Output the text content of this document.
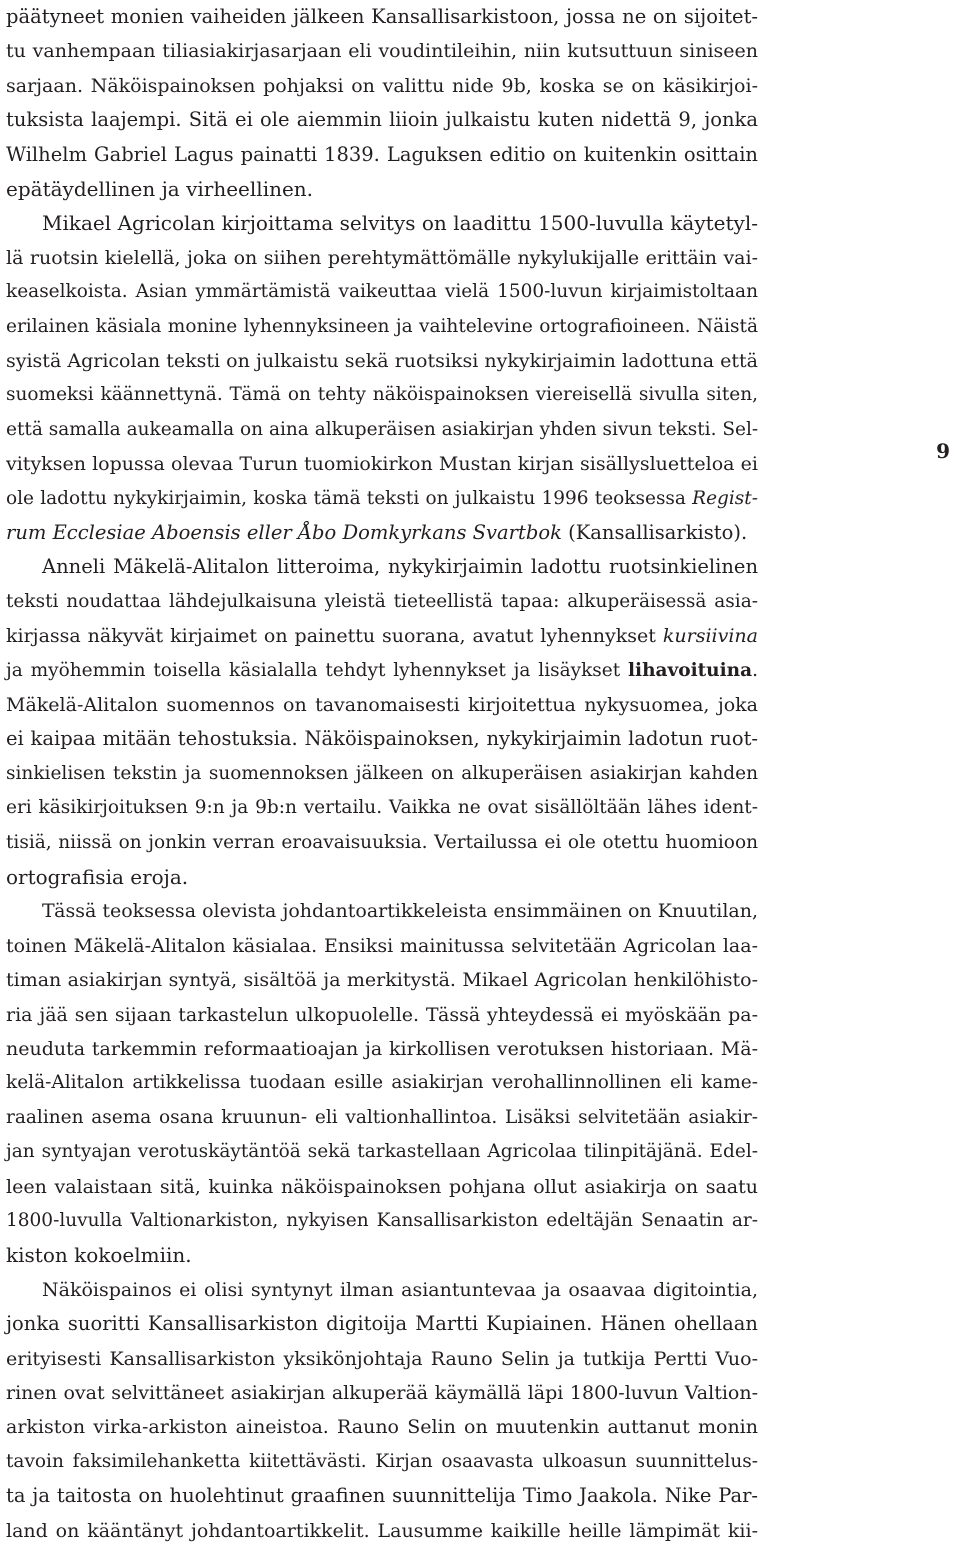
päätyneet monien vaiheiden jälkeen Kansallisarkistoon, jossa ne on sijoitet-
tu vanhempaan tiliasiakirjasarjaan eli voudintileihin, niin kutsuttuun siniseen
sarjaan. Näköispainoksen pohjaksi on valittu nide 9b, koska se on käsikirjoi-
tuksista laajempi. Sitä ei ole aiemmin liioin julkaistu kuten nidettä 9, jonka
Wilhelm Gabriel Lagus painatti 1839. Laguksen editio on kuitenkin osittain
epätäydellinen ja virheellinen.
Mikael Agricolan kirjoittama selvitys on laadittu 1500-luvulla käytetyl-
lä ruotsin kielellä, joka on siihen perehtymättömälle nykylukijalle erittäin vai-
keaselkoista. Asian ymmärtämistä vaikeuttaa vielä 1500-luvun kirjaimistoltaan
erilainen käsiala monine lyhennyksineen ja vaihtelevine ortografioineen. Näistä
syistä Agricolan teksti on julkaistu sekä ruotsiksi nykykirjaimin ladottuna että
suomeksi käännettynä. Tämä on tehty näköispainoksen viereisellä sivulla siten,
että samalla aukeamalla on aina alkuperäisen asiakirjan yhden sivun teksti. Sel-
vityksen lopussa olevaa Turun tuomiokirkon Mustan kirjan sisällysluetteloa ei
ole ladottu nykykirjaimin, koska tämä teksti on julkaistu 1996 teoksessa Regist-
rum Ecclesiae Aboensis eller Åbo Domkyrkans Svartbok (Kansallisarkisto).
Anneli Mäkelä-Alitalon litteroima, nykykirjaimin ladottu ruotsinkielinen
teksti noudattaa lähdejulkaisuna yleistä tieteellistä tapaa: alkuperäisessä asia-
kirjassa näkyvät kirjaimet on painettu suorana, avatut lyhennykset kursiivina
ja myöhemmin toisella käsialalla tehdyt lyhennykset ja lisäykset lihavoituina.
Mäkelä-Alitalon suomennos on tavanomaisesti kirjoitettua nykysuomea, joka
ei kaipaa mitään tehostuksia. Näköispainoksen, nykykirjaimin ladotun ruot-
sinkielisen tekstin ja suomennoksen jälkeen on alkuperäisen asiakirjan kahden
eri käsikirjoituksen 9:n ja 9b:n vertailu. Vaikka ne ovat sisällöltään lähes ident-
tisiä, niissä on jonkin verran eroavaisuuksia. Vertailussa ei ole otettu huomioon
ortografisia eroja.
Tässä teoksessa olevista johdantoartikkeleista ensimmäinen on Knuutilan,
toinen Mäkelä-Alitalon käsialaa. Ensiksi mainitussa selvitetään Agricolan laa-
timan asiakirjan syntyä, sisältöä ja merkitystä. Mikael Agricolan henkilöhisto-
ria jää sen sijaan tarkastelun ulkopuolelle. Tässä yhteydessä ei myöskään pa-
neuduta tarkemmin reformaatioajan ja kirkollisen verotuksen historiaan. Mä-
kelä-Alitalon artikkelissa tuodaan esille asiakirjan verohallinnollinen eli kame-
raalinen asema osana kruunun- eli valtionhallintoa. Lisäksi selvitetään asiakir-
jan syntyajan verotuskäytäntöä sekä tarkastellaan Agricolaa tilinpitäjänä. Edel-
leen valaistaan sitä, kuinka näköispainoksen pohjana ollut asiakirja on saatu
1800-luvulla Valtionarkiston, nykyisen Kansallisarkiston edeltäjän Senaatin ar-
kiston kokoelmiin.
Näköispainos ei olisi syntynyt ilman asiantuntevaa ja osaavaa digitointia,
jonka suoritti Kansallisarkiston digitoija Martti Kupiainen. Hänen ohellaan
erityisesti Kansallisarkiston yksikönjohtaja Rauno Selin ja tutkija Pertti Vuo-
rinen ovat selvittäneet asiakirjan alkuperää käymällä läpi 1800-luvun Valtion-
arkiston virka-arkiston aineistoa. Rauno Selin on muutenkin auttanut monin
tavoin faksimilehanketta kiitettävästi. Kirjan osaavasta ulkoasun suunnittelus-
ta ja taitosta on huolehtinut graafinen suunnittelija Timo Jaakola. Nike Par-
land on kääntänyt johdantoartikkelit. Lausumme kaikille heille lämpimät kii-
9
